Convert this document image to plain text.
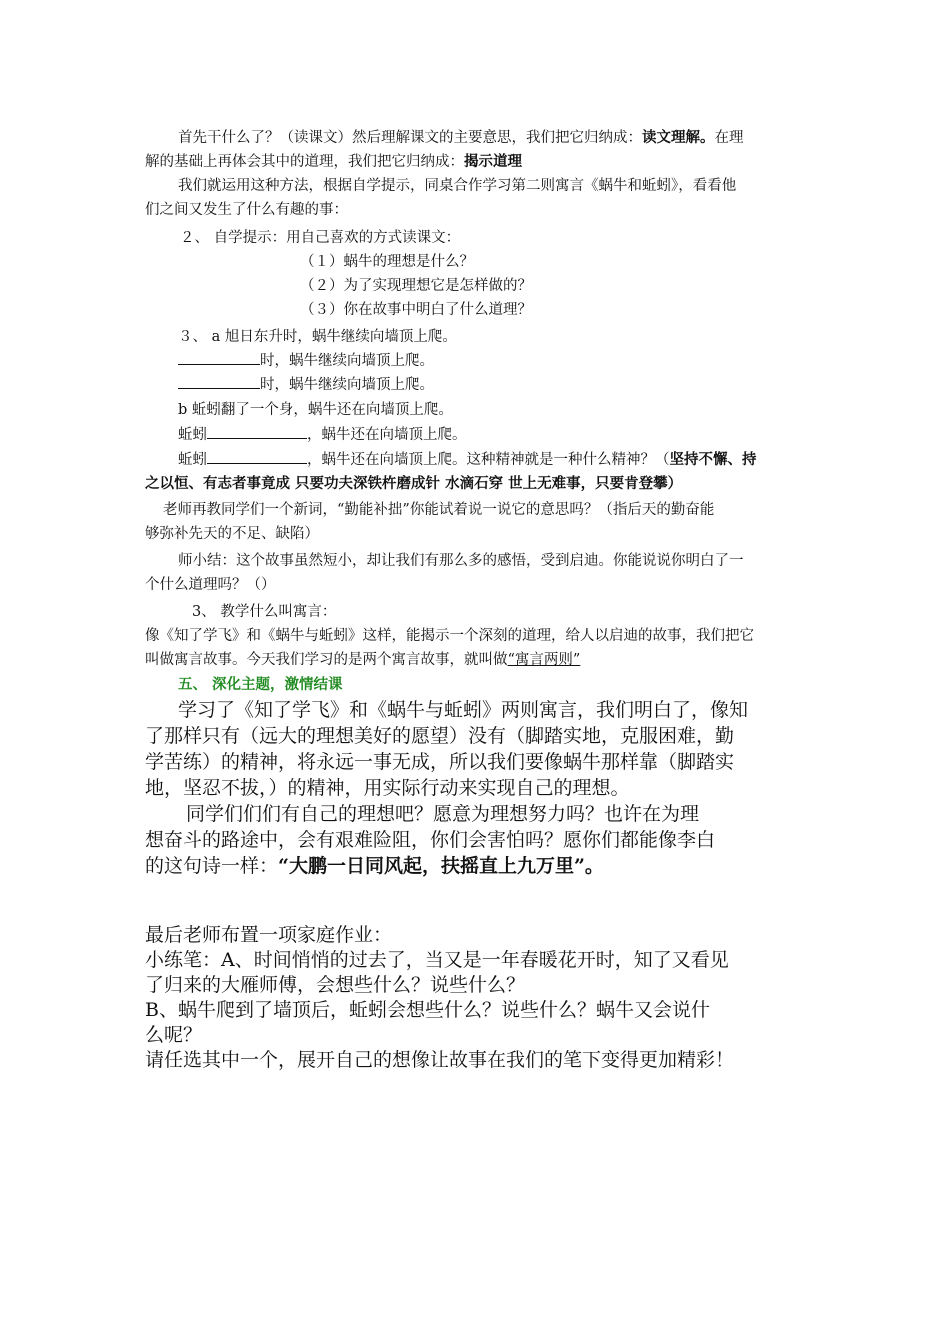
首先干什么了？（读课文）然后理解课文的主要意思，我们把它归纳成：读文理解。在理
解的基础上再体会其中的道理，我们把它归纳成：揭示道理
我们就运用这种方法，根据自学提示，同桌合作学习第二则寓言《蜗牛和蚯蚓》，看看他
们之间又发生了什么有趣的事：
２、 自学提示：用自己喜欢的方式读课文：
（１）蜗牛的理想是什么？
（２）为了实现理想它是怎样做的？
（３）你在故事中明白了什么道理？
３、 a 旭日东升时，蜗牛继续向墙顶上爬。
时，蜗牛继续向墙顶上爬。
时，蜗牛继续向墙顶上爬。
b 蚯蚓翻了一个身，蜗牛还在向墙顶上爬。
蚯蚓	，蜗牛还在向墙顶上爬。
蚯蚓	，蜗牛还在向墙顶上爬。这种精神就是一种什么精神？（坚持不懈、持
之以恒、有志者事竟成 只要功夫深铁杵磨成针 水滴石穿 世上无难事，只要肯登攀）
老师再教同学们一个新词，“勤能补拙”你能试着说一说它的意思吗？（指后天的勤奋能
够弥补先天的不足、缺陷）
师小结：这个故事虽然短小，却让我们有那么多的感悟，受到启迪。你能说说你明白了一
个什么道理吗？（）
3、 教学什么叫寓言：
像《知了学飞》和《蜗牛与蚯蚓》这样，能揭示一个深刻的道理，给人以启迪的故事，我们把它
叫做寓言故事。今天我们学习的是两个寓言故事，就叫做“寓言两则”
五、 深化主题，激情结课
学习了《知了学飞》和《蜗牛与蚯蚓》两则寓言，我们明白了，像知
了那样只有（远大的理想美好的愿望）没有（脚踏实地，克服困难，勤
学苦练）的精神，将永远一事无成，所以我们要像蜗牛那样靠（脚踏实
地，坚忍不拔，）的精神，用实际行动来实现自己的理想。
同学们们们有自己的理想吧？愿意为理想努力吗？也许在为理
想奋斗的路途中，会有艰难险阻，你们会害怕吗？愿你们都能像李白
的这句诗一样：“大鹏一日同风起，扶摇直上九万里”。
最后老师布置一项家庭作业：
小练笔：A、时间悄悄的过去了，当又是一年春暖花开时，知了又看见
了归来的大雁师傅，会想些什么？说些什么？
B、蜗牛爬到了墙顶后，蚯蚓会想些什么？说些什么？蜗牛又会说什
么呢？
请任选其中一个，展开自己的想像让故事在我们的笔下变得更加精彩！
